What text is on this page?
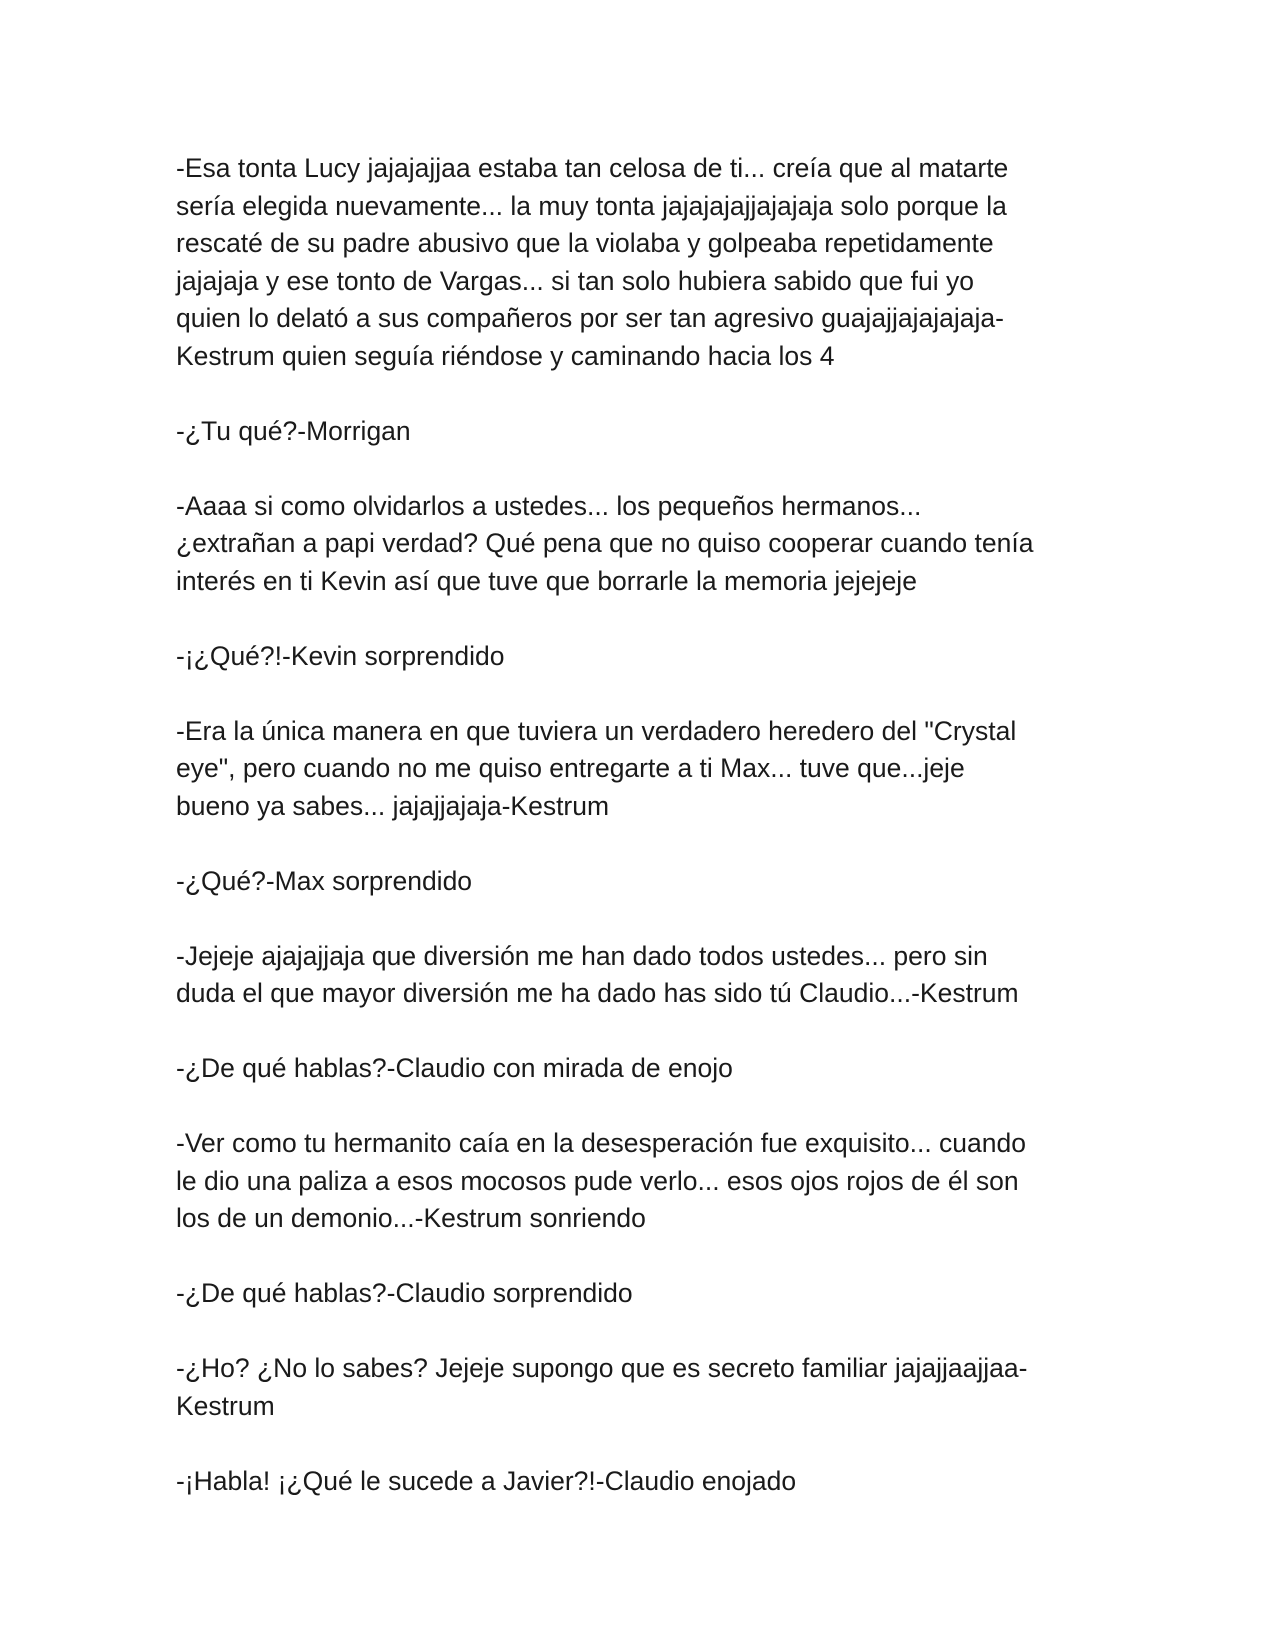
-Esa tonta Lucy jajajajjaa estaba tan celosa de ti... creía que al matarte
sería elegida nuevamente... la muy tonta jajajajajjajajaja solo porque la
rescaté de su padre abusivo que la violaba y golpeaba repetidamente
jajajaja y ese tonto de Vargas... si tan solo hubiera sabido que fui yo
quien lo delató a sus compañeros por ser tan agresivo guajajjajajajaja-
Kestrum quien seguía riéndose y caminando hacia los 4

-¿Tu qué?-Morrigan

-Aaaa si como olvidarlos a ustedes... los pequeños hermanos...
¿extrañan a papi verdad? Qué pena que no quiso cooperar cuando tenía
interés en ti Kevin así que tuve que borrarle la memoria jejejeje

-¡¿Qué?!-Kevin sorprendido

-Era la única manera en que tuviera un verdadero heredero del "Crystal
eye", pero cuando no me quiso entregarte a ti Max... tuve que...jeje
bueno ya sabes... jajajjajaja-Kestrum

-¿Qué?-Max sorprendido

-Jejeje ajajajjaja que diversión me han dado todos ustedes... pero sin
duda el que mayor diversión me ha dado has sido tú Claudio...-Kestrum

-¿De qué hablas?-Claudio con mirada de enojo

-Ver como tu hermanito caía en la desesperación fue exquisito... cuando
le dio una paliza a esos mocosos pude verlo... esos ojos rojos de él son
los de un demonio...-Kestrum sonriendo

-¿De qué hablas?-Claudio sorprendido

-¿Ho? ¿No lo sabes? Jejeje supongo que es secreto familiar jajajjaajjaa-
Kestrum

-¡Habla! ¡¿Qué le sucede a Javier?!-Claudio enojado
